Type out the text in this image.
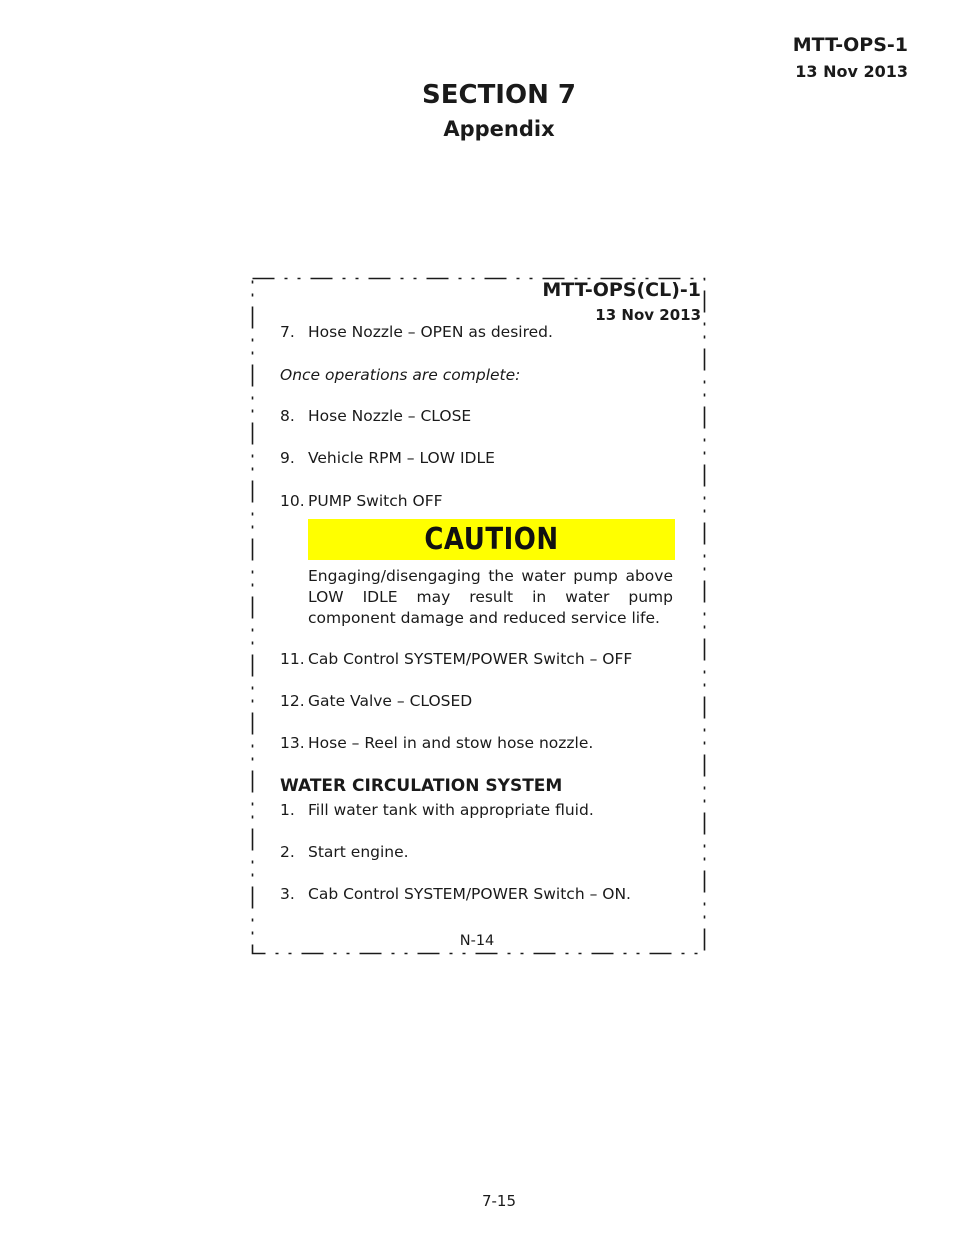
MTT-OPS-1
13 Nov 2013
SECTION 7
Appendix
MTT-OPS(CL)-1
13 Nov 2013
7. Hose Nozzle – OPEN as desired.
Once operations are complete:
8. Hose Nozzle – CLOSE
9. Vehicle RPM – LOW IDLE
10. PUMP Switch OFF
CAUTION
Engaging/disengaging the water pump above LOW IDLE may result in water pump component damage and reduced service life.
11. Cab Control SYSTEM/POWER Switch – OFF
12. Gate Valve – CLOSED
13. Hose – Reel in and stow hose nozzle.
WATER CIRCULATION SYSTEM
1. Fill water tank with appropriate fluid.
2. Start engine.
3. Cab Control SYSTEM/POWER Switch – ON.
N-14
7-15
